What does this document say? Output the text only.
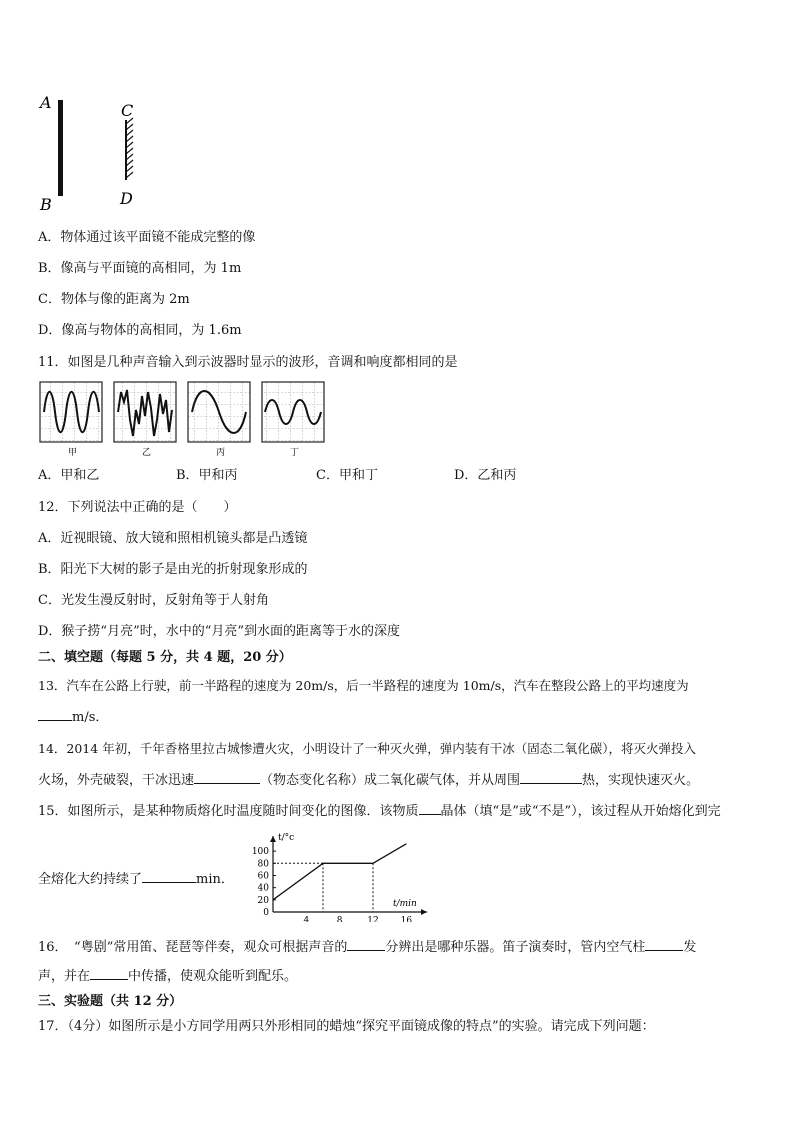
A
B
C
D
A．物体通过该平面镜不能成完整的像
B．像高与平面镜的高相同，为 1m
C．物体与像的距离为 2m
D．像高与物体的高相同，为 1.6m
11．如图是几种声音输入到示波器时显示的波形，音调和响度都相同的是
甲	乙	丙	丁
A．甲和乙	B．甲和丙	C．甲和丁	D．乙和丙
12．下列说法中正确的是（　　）
A．近视眼镜、放大镜和照相机镜头都是凸透镜
B．阳光下大树的影子是由光的折射现象形成的
C．光发生漫反射时，反射角等于人射角
D．猴子捞“月亮”时，水中的“月亮”到水面的距离等于水的深度
二、填空题（每题 5 分，共 4 题，20 分）
13．汽车在公路上行驶，前一半路程的速度为 20m/s，后一半路程的速度为 10m/s，汽车在整段公路上的平均速度为
m/s．
14．2014 年初，千年香格里拉古城惨遭火灾，小明设计了一种灭火弹，弹内装有干冰（固态二氧化碳），将灭火弹投入
火场，外壳破裂，干冰迅速	（物态变化名称）成二氧化碳气体，并从周围	热，实现快速灭火。
15．如图所示，是某种物质熔化时温度随时间变化的图像．该物质 晶体（填“是”或“不是”），该过程从开始熔化到完
全熔化大约持续了	min．
0
20
40
60
80
100
4	8	12 16
t/°c
t/min
16．　“粤剧”常用笛、琵琶等伴奏，观众可根据声音的	分辨出是哪种乐器。笛子演奏时，管内空气柱	发
声，并在	中传播，使观众能听到配乐。
三、实验题（共 12 分）
17．（4分）如图所示是小方同学用两只外形相同的蜡烛“探究平面镜成像的特点”的实验。请完成下列问题：
